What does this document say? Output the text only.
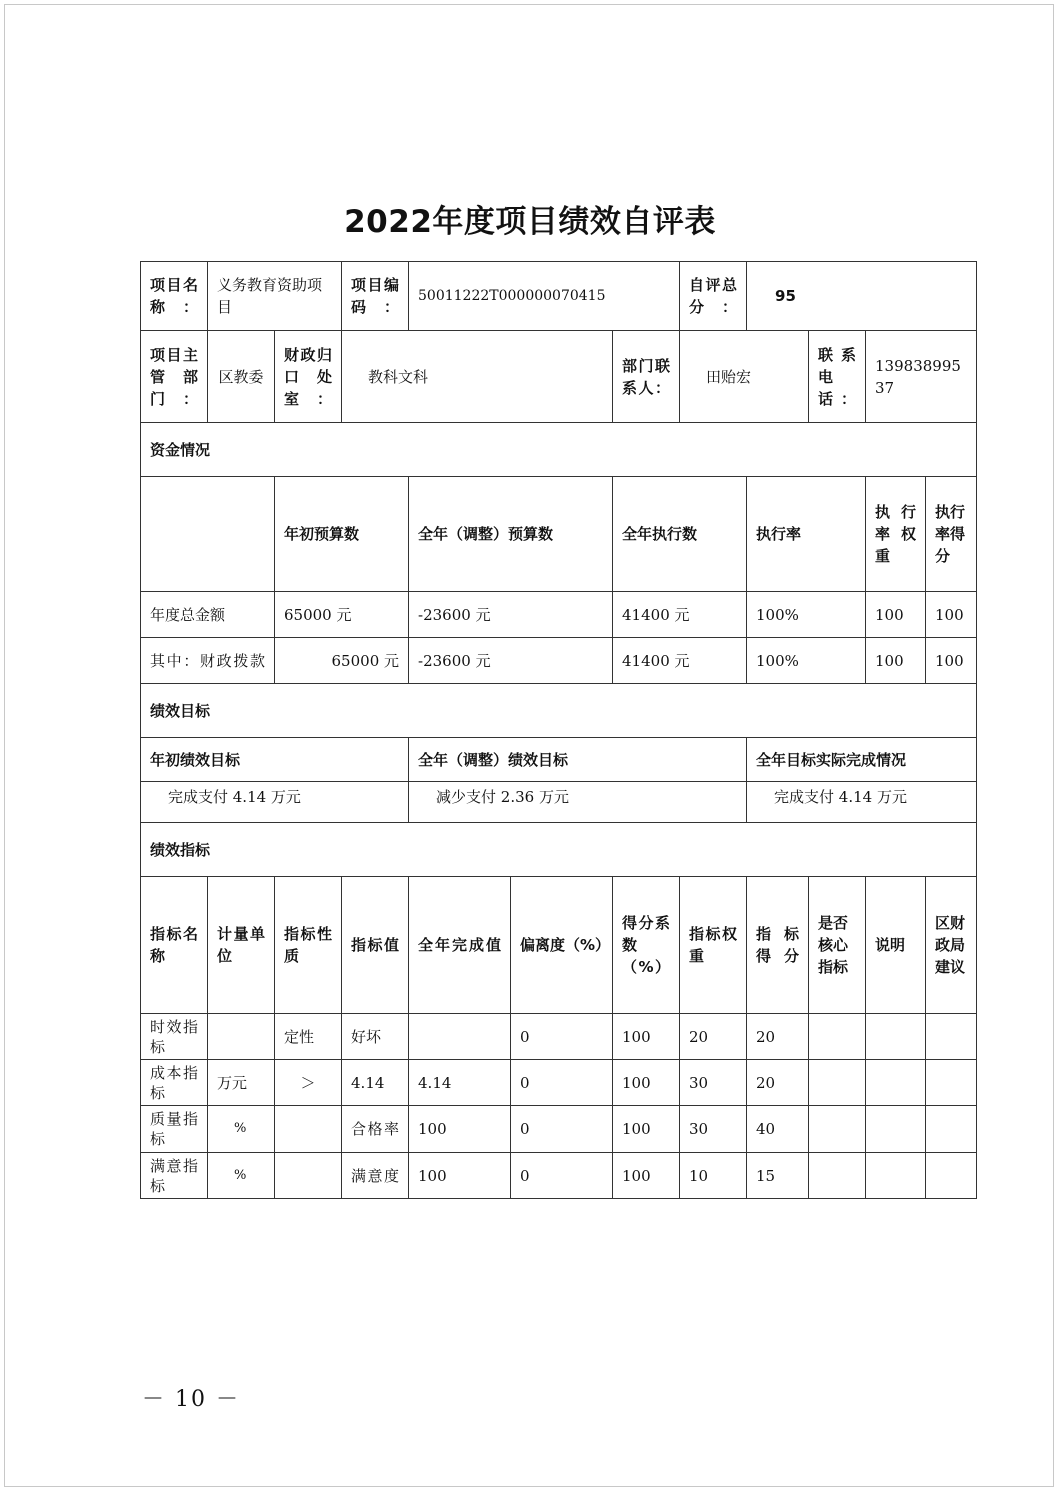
2022年度项目绩效自评表
项目名称：	义务教育资助项目		项目编码：	50011222T000000070415			自评总分：	95			
项目主管部门：	区教委	财政归口处室：	教科文科			部门联系人：	田贻宏		联系电话：	13983899537	
资金情况											
		年初预算数		全年（调整）预算数		全年执行数		执行率		执行率权重	执行率得分
年度总金额		65000 元		-23600 元		41400 元		100%		100	100
其中：财政拨款		65000 元		-23600 元		41400 元		100%		100	100
绩效目标											
年初绩效目标				全年（调整）绩效目标				全年目标实际完成情况			
完成支付 4.14 万元				减少支付 2.36 万元				完成支付 4.14 万元			
绩效指标											
指标名称	计量单位	指标性质	指标值	全年完成值	偏离度（%）	得分系数（%）	指标权重	指标得分	是否核心指标	说明	区财政局建议
时效指标		定性	好坏		0	100	20	20			
成本指标	万元	＞	4.14	4.14	0	100	30	20			
质量指标	%		合格率	100	0	100	30	40			
满意指标	%		满意度	100	0	100	10	15			
－ 10 －
